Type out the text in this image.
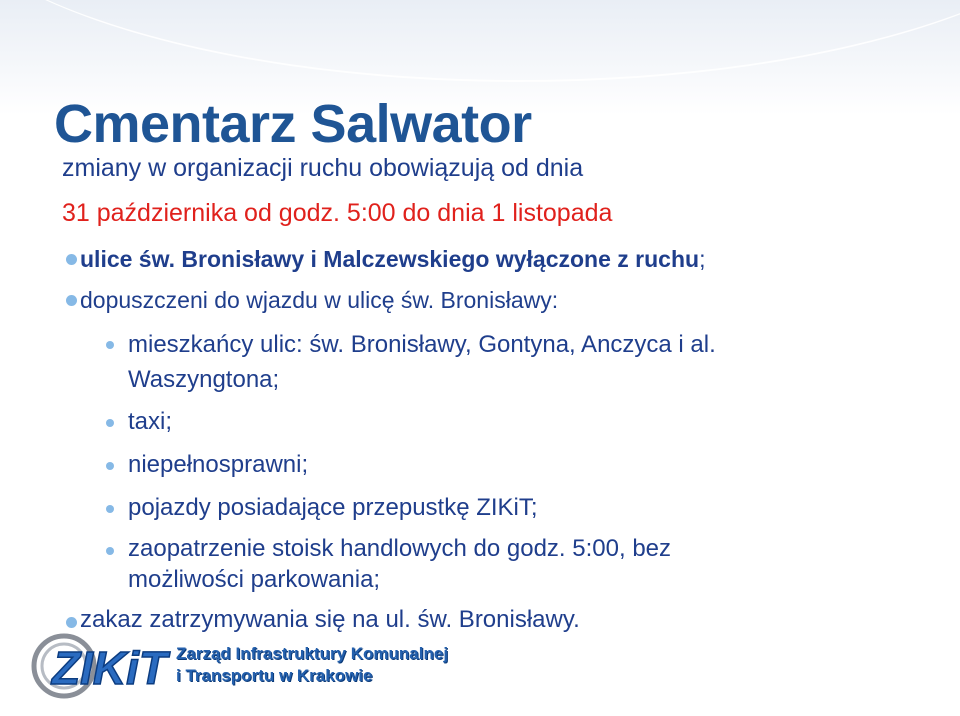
Cmentarz Salwator
zmiany w organizacji ruchu obowiązują od dnia
31 października od godz. 5:00 do dnia 1 listopada
ulice św. Bronisławy i Malczewskiego wyłączone z ruchu;
dopuszczeni do wjazdu w ulicę św. Bronisławy:
mieszkańcy ulic: św. Bronisławy, Gontyna, Anczyca i al.
Waszyngtona;
taxi;
niepełnosprawni;
pojazdy posiadające przepustkę ZIKiT;
zaopatrzenie stoisk handlowych do godz. 5:00, bez
możliwości parkowania;
zakaz zatrzymywania się na ul. św. Bronisławy.
ZIKiT Zarząd Infrastruktury Komunalnej
i Transportu w Krakowie
